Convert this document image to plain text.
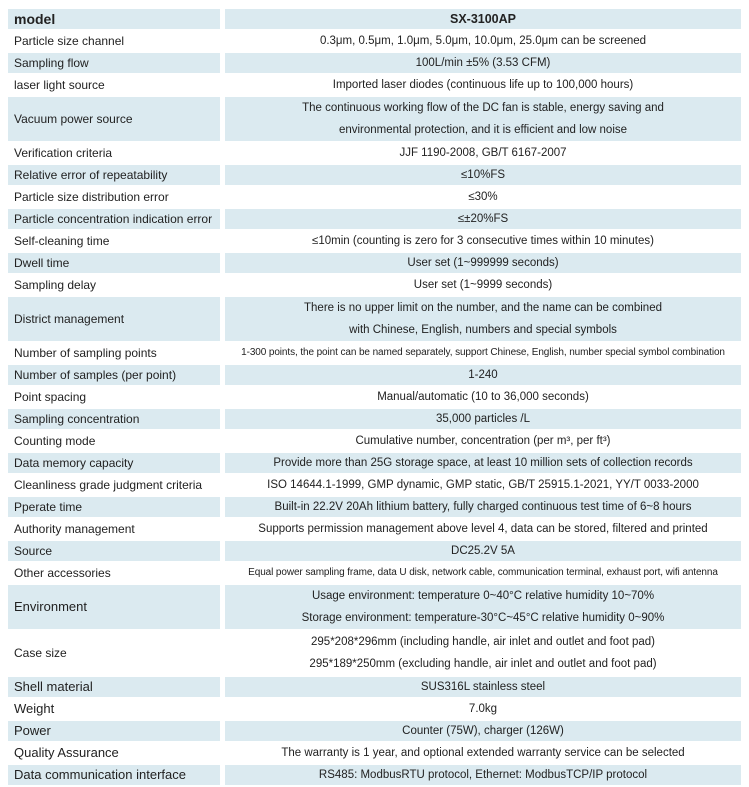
model		SX-3100AP
Particle size channel		0.3μm, 0.5μm, 1.0μm, 5.0μm, 10.0μm, 25.0μm can be screened
Sampling flow		100L/min ±5% (3.53 CFM)
laser light source		Imported laser diodes (continuous life up to 100,000 hours)
Vacuum power source		The continuous working flow of the DC fan is stable, energy saving and
environmental protection, and it is efficient and low noise

Verification criteria		JJF 1190-2008, GB/T 6167-2007
Relative error of repeatability		≤10%FS
Particle size distribution error		≤30%
Particle concentration indication error		≤±20%FS
Self-cleaning time		≤10min (counting is zero for 3 consecutive times within 10 minutes)
Dwell time		User set (1~999999 seconds)
Sampling delay		User set (1~9999 seconds)
District management		There is no upper limit on the number, and the name can be combined
with Chinese, English, numbers and special symbols

Number of sampling points		1-300 points, the point can be named separately, support Chinese, English, number special symbol combination
Number of samples (per point)		1-240
Point spacing		Manual/automatic (10 to 36,000 seconds)
Sampling concentration		35,000 particles /L
Counting mode		Cumulative number, concentration (per m³, per ft³)
Data memory capacity		Provide more than 25G storage space, at least 10 million sets of collection records
Cleanliness grade judgment criteria		ISO 14644.1-1999, GMP dynamic, GMP static, GB/T 25915.1-2021, YY/T 0033-2000
Pperate time		Built-in 22.2V 20Ah lithium battery, fully charged continuous test time of 6~8 hours
Authority management		Supports permission management above level 4, data can be stored, filtered and printed
Source		DC25.2V 5A
Other accessories		Equal power sampling frame, data U disk, network cable, communication terminal, exhaust port, wifi antenna
Environment		Usage environment: temperature 0~40°C relative humidity 10~70%
Storage environment: temperature-30°C~45°C relative humidity 0~90%

Case size		295*208*296mm (including handle, air inlet and outlet and foot pad)
295*189*250mm (excluding handle, air inlet and outlet and foot pad)

Shell material		SUS316L stainless steel
Weight		7.0kg
Power		Counter (75W), charger (126W)
Quality Assurance		The warranty is 1 year, and optional extended warranty service can be selected
Data communication interface		RS485: ModbusRTU protocol, Ethernet: ModbusTCP/IP protocol
